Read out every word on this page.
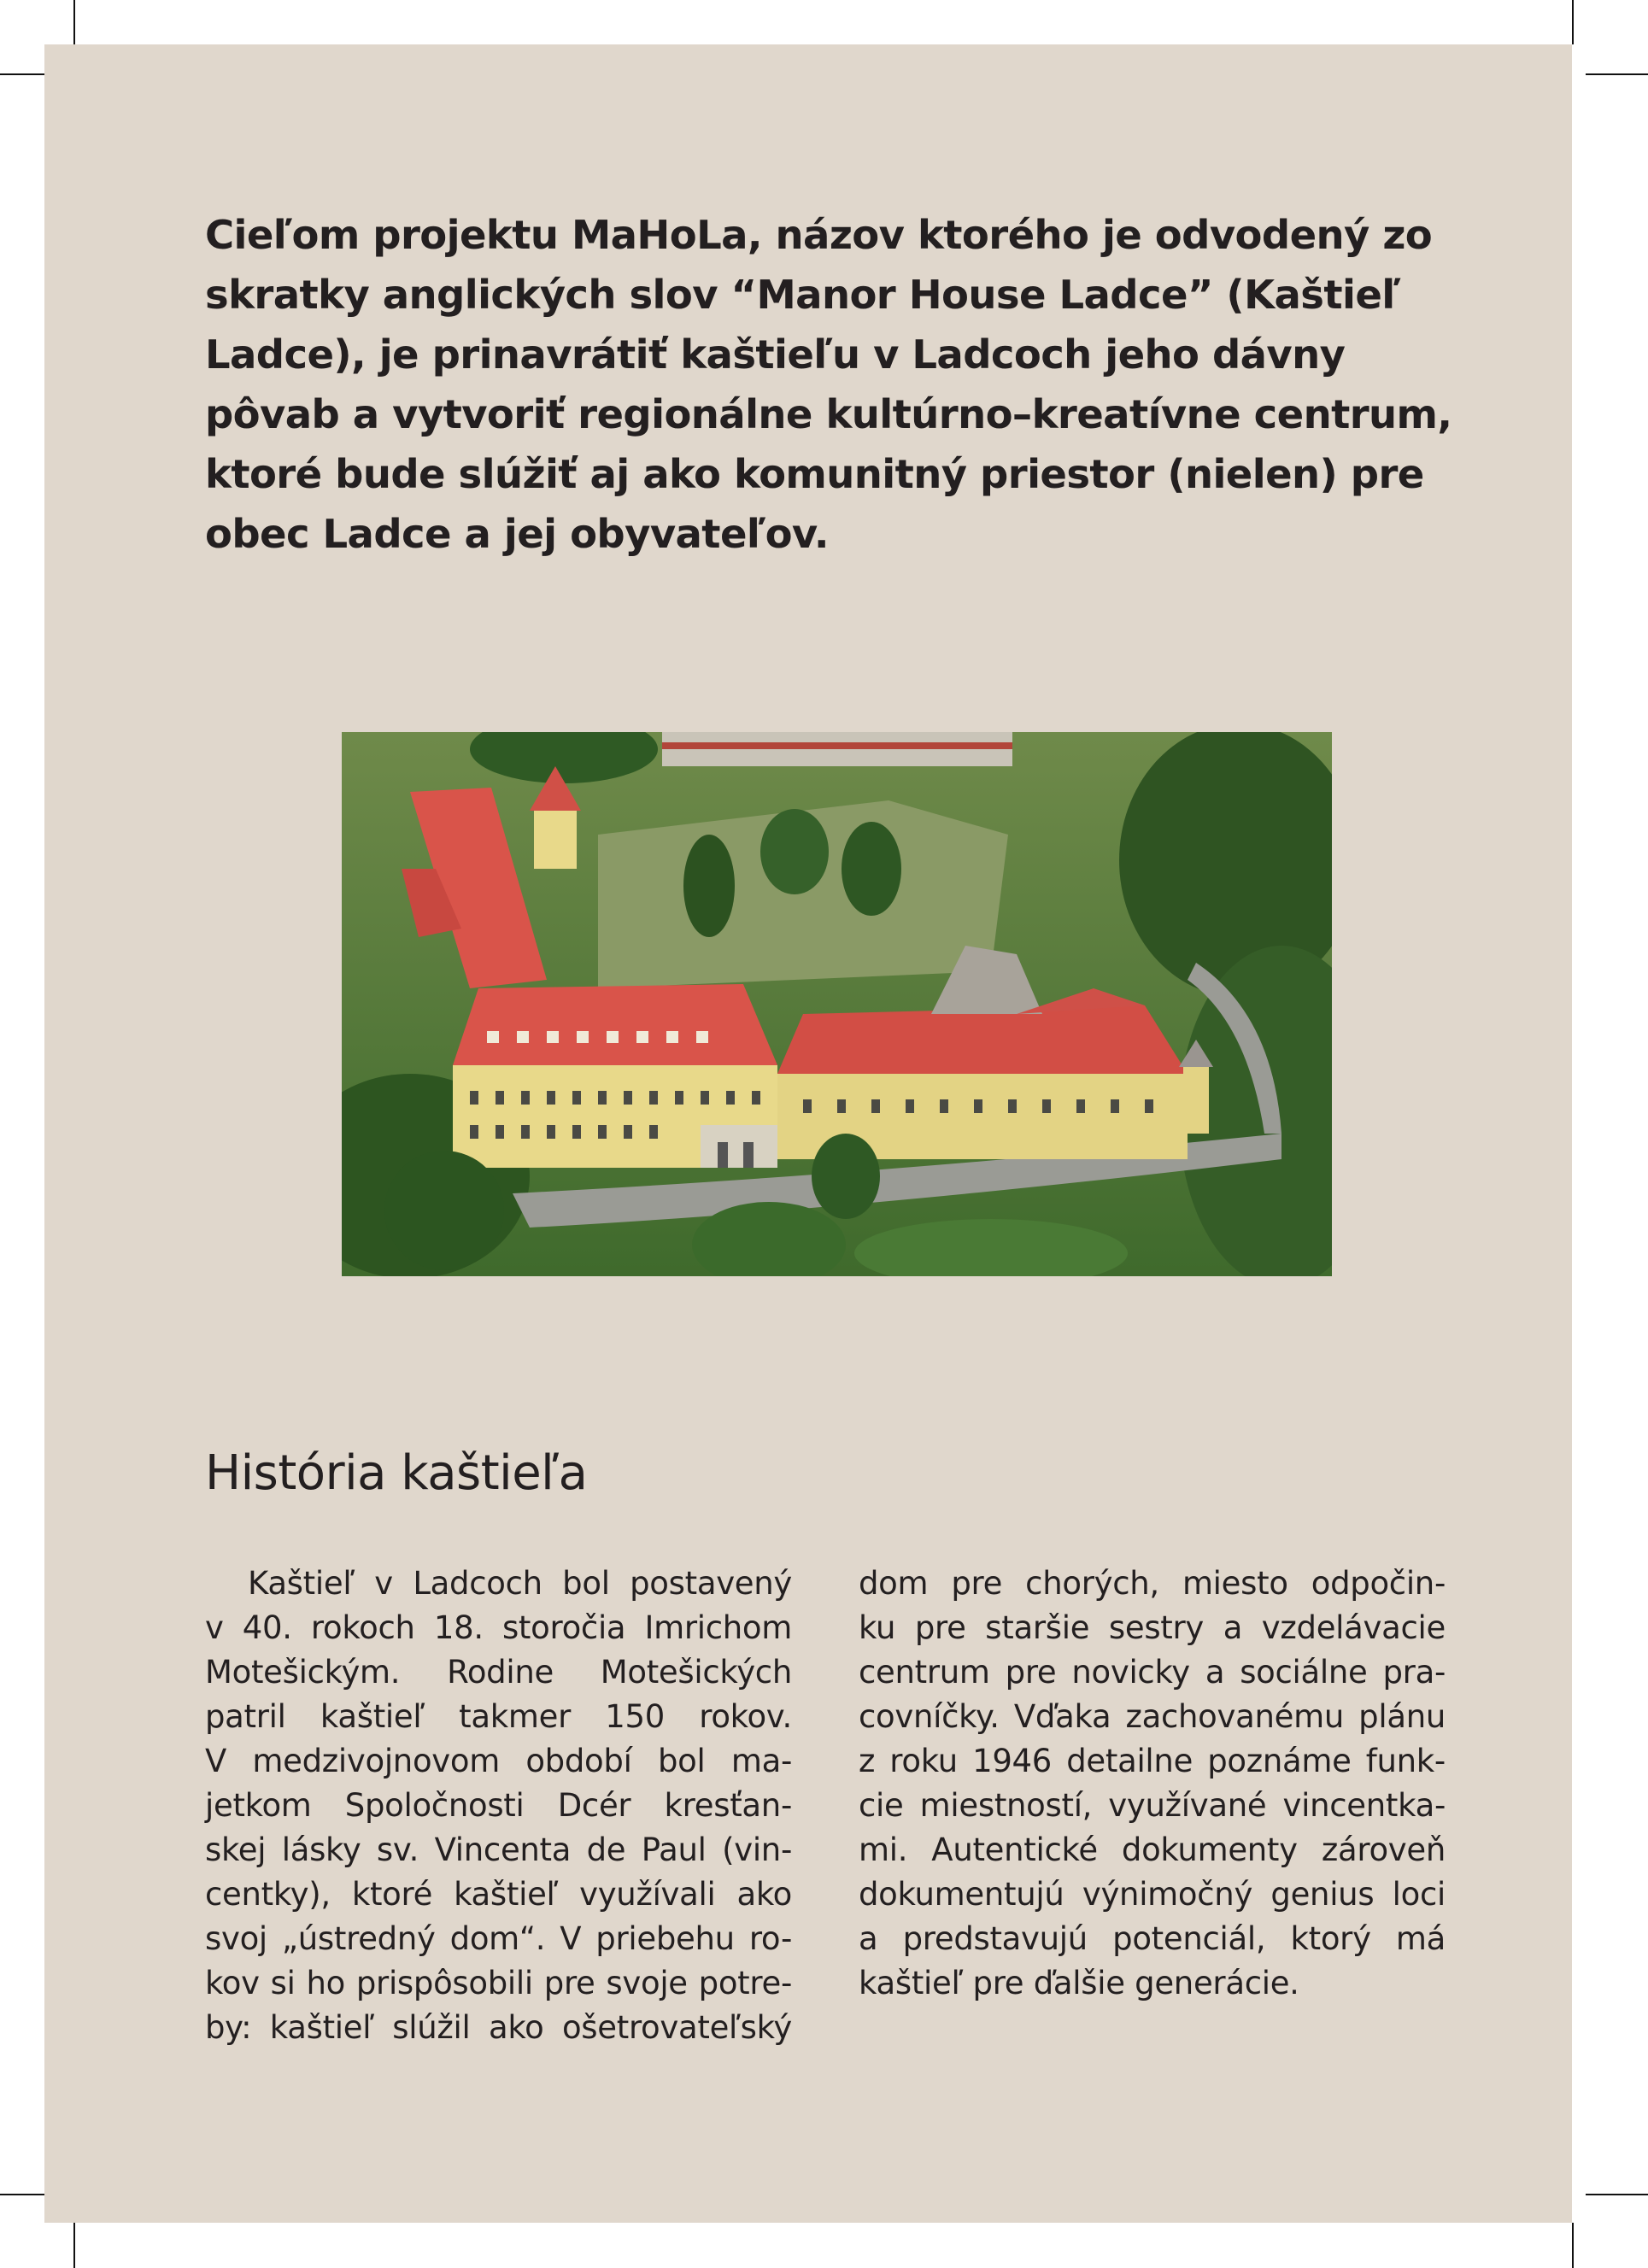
Cieľom projektu MaHoLa, názov ktorého je odvodený zo skratky anglických slov “Manor House Ladce” (Kaštieľ Ladce), je prinavrátiť kaštieľu v Ladcoch jeho dávny pôvab a vytvoriť regionálne kultúrno–kreatívne centrum, ktoré bude slúžiť aj ako komunitný priestor (nielen) pre obec Ladce a jej obyvateľov.

História kaštieľa
Kaštieľ v Ladcoch bol postavený
v 40. rokoch 18. storočia Imrichom
Motešickým. Rodine Motešických
patril kaštieľ takmer 150 rokov.
V medzivojnovom období bol ma-
jetkom Spoločnosti Dcér kresťan-
skej lásky sv. Vincenta de Paul (vin-
centky), ktoré kaštieľ využívali ako
svoj „ústredný dom“. V priebehu ro-
kov si ho prispôsobili pre svoje potre-
by: kaštieľ slúžil ako ošetrovateľský
dom pre chorých, miesto odpočin-
ku pre staršie sestry a vzdelávacie
centrum pre novicky a sociálne pra-
covníčky. Vďaka zachovanému plánu
z roku 1946 detailne poznáme funk-
cie miestností, využívané vincentka-
mi. Autentické dokumenty zároveň
dokumentujú výnimočný genius loci
a predstavujú potenciál, ktorý má
kaštieľ pre ďalšie generácie.
